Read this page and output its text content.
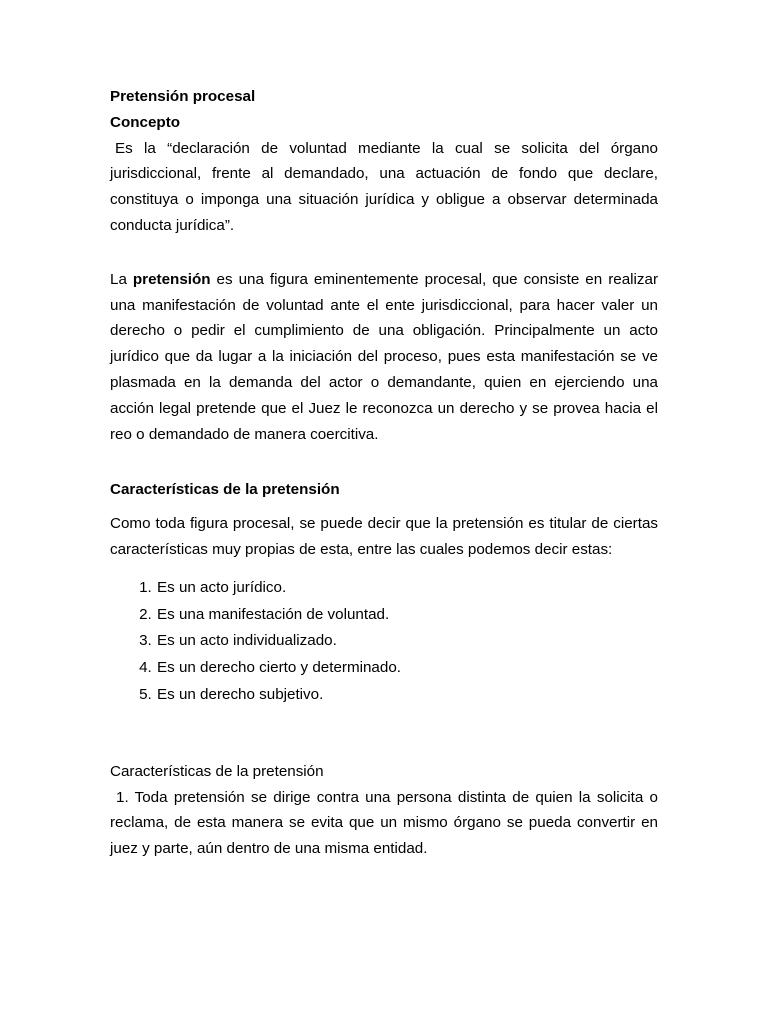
Pretensión procesal
Concepto

Es la “declaración de voluntad mediante la cual se solicita del órgano jurisdiccional, frente al demandado, una actuación de fondo que declare, constituya o imponga una situación jurídica y obligue a observar determinada conducta jurídica”.

La pretensión es una figura eminentemente procesal, que consiste en realizar una manifestación de voluntad ante el ente jurisdiccional, para hacer valer un derecho o pedir el cumplimiento de una obligación. Principalmente un acto jurídico que da lugar a la iniciación del proceso, pues esta manifestación se ve plasmada en la demanda del actor o demandante, quien en ejerciendo una acción legal pretende que el Juez le reconozca un derecho y se provea hacia el reo o demandado de manera coercitiva.

Características de la pretensión

Como toda figura procesal, se puede decir que la pretensión es titular de ciertas características muy propias de esta, entre las cuales podemos decir estas:

1. Es un acto jurídico.
2. Es una manifestación de voluntad.
3. Es un acto individualizado.
4. Es un derecho cierto y determinado.
5. Es un derecho subjetivo.
Características de la pretensión

1. Toda pretensión se dirige contra una persona distinta de quien la solicita o reclama, de esta manera se evita que un mismo órgano se pueda convertir en juez y parte, aún dentro de una misma entidad.
